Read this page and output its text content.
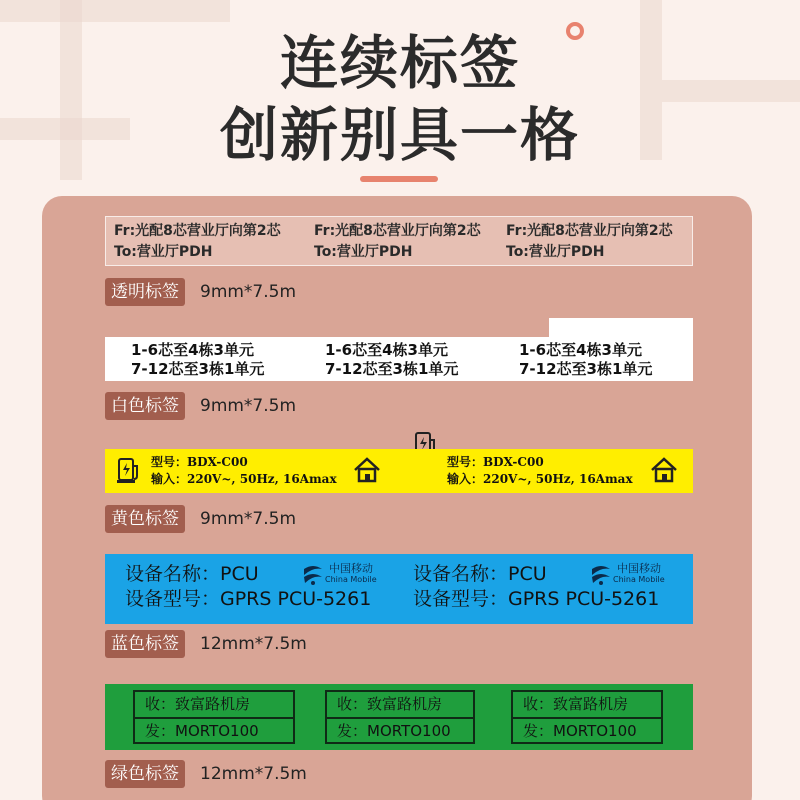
连续标签
创新别具一格
Fr:光配8芯营业厅向第2芯
To:营业厅PDH
Fr:光配8芯营业厅向第2芯
To:营业厅PDH
Fr:光配8芯营业厅向第2芯
To:营业厅PDH
透明标签	9mm*7.5m
1-6芯至4栋3单元
7-12芯至3栋1单元
1-6芯至4栋3单元
7-12芯至3栋1单元
1-6芯至4栋3单元
7-12芯至3栋1单元
白色标签	9mm*7.5m
型号：BDX-C00
输入：220V~, 50Hz, 16Amax
型号：BDX-C00
输入：220V~, 50Hz, 16Amax
黄色标签	9mm*7.5m
设备名称：PCU
设备型号：GPRS PCU-5261
中国移动
China Mobile 设备名称：PCU
设备型号：GPRS PCU-5261
中国移动
China Mobile
蓝色标签	12mm*7.5m
收：致富路机房
发：MORTO100
收：致富路机房
发：MORTO100
收：致富路机房
发：MORTO100
绿色标签	12mm*7.5m
